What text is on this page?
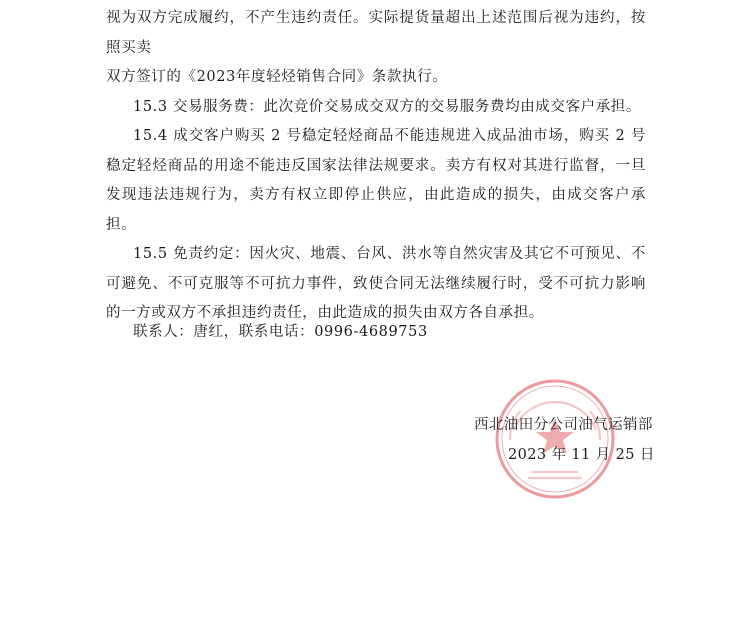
视为双方完成履约，不产生违约责任。实际提货量超出上述范围后视为违约，按照买卖
双方签订的《2023年度轻烃销售合同》条款执行。

15.3 交易服务费：此次竞价交易成交双方的交易服务费均由成交客户承担。

15.4 成交客户购买 2 号稳定轻烃商品不能违规进入成品油市场，购买 2 号稳定轻烃商品的用途不能违反国家法律法规要求。卖方有权对其进行监督，一旦发现违法违规行为，卖方有权立即停止供应，由此造成的损失，由成交客户承担。

15.5 免责约定：因火灾、地震、台风、洪水等自然灾害及其它不可预见、不可避免、不可克服等不可抗力事件，致使合同无法继续履行时，受不可抗力影响的一方或双方不承担违约责任，由此造成的损失由双方各自承担。

联系人：唐红，联系电话：0996-4689753
西北油田分公司油气运销部
2023 年 11 月 25 日
